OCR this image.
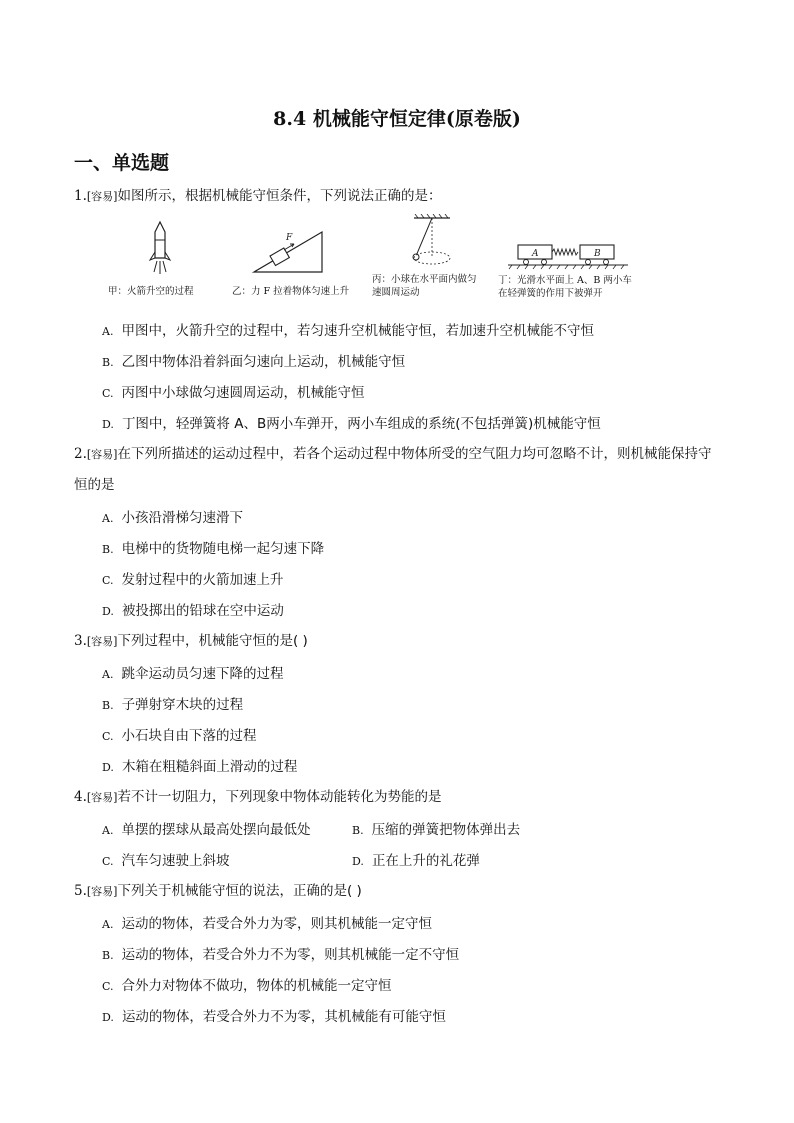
8.4 机械能守恒定律(原卷版)
一、单选题
1.[容易]如图所示，根据机械能守恒条件，下列说法正确的是：
甲：火箭升空的过程
F
乙：力 F 拉着物体匀速上升
丙：小球在水平面内做匀速圆周运动
A	B
丁：光滑水平面上 A、B 两小车在轻弹簧的作用下被弹开
A. 甲图中，火箭升空的过程中，若匀速升空机械能守恒，若加速升空机械能不守恒
B. 乙图中物体沿着斜面匀速向上运动，机械能守恒
C. 丙图中小球做匀速圆周运动，机械能守恒
D. 丁图中，轻弹簧将 A、B两小车弹开，两小车组成的系统(不包括弹簧)机械能守恒
2.[容易]在下列所描述的运动过程中，若各个运动过程中物体所受的空气阻力均可忽略不计，则机械能保持守恒的是
A. 小孩沿滑梯匀速滑下
B. 电梯中的货物随电梯一起匀速下降
C. 发射过程中的火箭加速上升
D. 被投掷出的铅球在空中运动
3.[容易]下列过程中，机械能守恒的是( )
A. 跳伞运动员匀速下降的过程
B. 子弹射穿木块的过程
C. 小石块自由下落的过程
D. 木箱在粗糙斜面上滑动的过程
4.[容易]若不计一切阻力，下列现象中物体动能转化为势能的是
A. 单摆的摆球从最高处摆向最低处	B. 压缩的弹簧把物体弹出去
C. 汽车匀速驶上斜坡	D. 正在上升的礼花弹
5.[容易]下列关于机械能守恒的说法，正确的是( )
A. 运动的物体，若受合外力为零，则其机械能一定守恒
B. 运动的物体，若受合外力不为零，则其机械能一定不守恒
C. 合外力对物体不做功，物体的机械能一定守恒
D. 运动的物体，若受合外力不为零，其机械能有可能守恒
